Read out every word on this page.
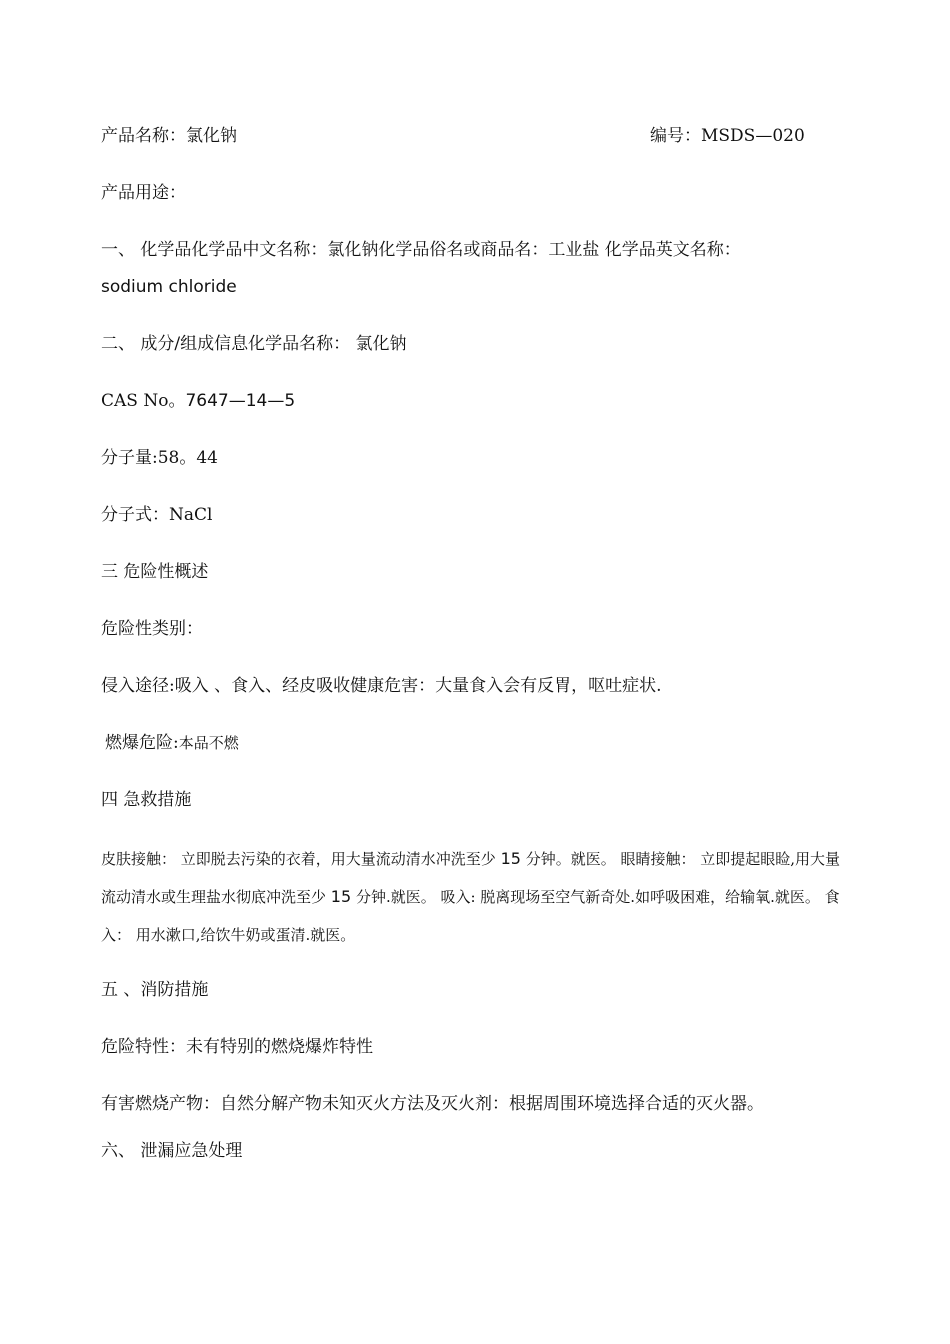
产品名称：氯化钠	编号：MSDS—020
产品用途：
一、 化学品化学品中文名称：氯化钠化学品俗名或商品名：工业盐 化学品英文名称：
sodium chloride
二、 成分/组成信息化学品名称： 氯化钠
CAS No。7647—14—5
分子量:58。44
分子式：NaCl
三 危险性概述
危险性类别：
侵入途径:吸入 、食入、经皮吸收健康危害：大量食入会有反胃，呕吐症状.
燃爆危险:本品不燃
四 急救措施
皮肤接触： 立即脱去污染的衣着，用大量流动清水冲洗至少 15 分钟。就医。 眼睛接触： 立即提起眼睑,用大量流动清水或生理盐水彻底冲洗至少 15 分钟.就医。 吸入: 脱离现场至空气新奇处.如呼吸困难，给输氧.就医。 食入： 用水漱口,给饮牛奶或蛋清.就医。
五 、消防措施
危险特性：未有特别的燃烧爆炸特性
有害燃烧产物：自然分解产物未知灭火方法及灭火剂：根据周围环境选择合适的灭火器。
六、 泄漏应急处理
